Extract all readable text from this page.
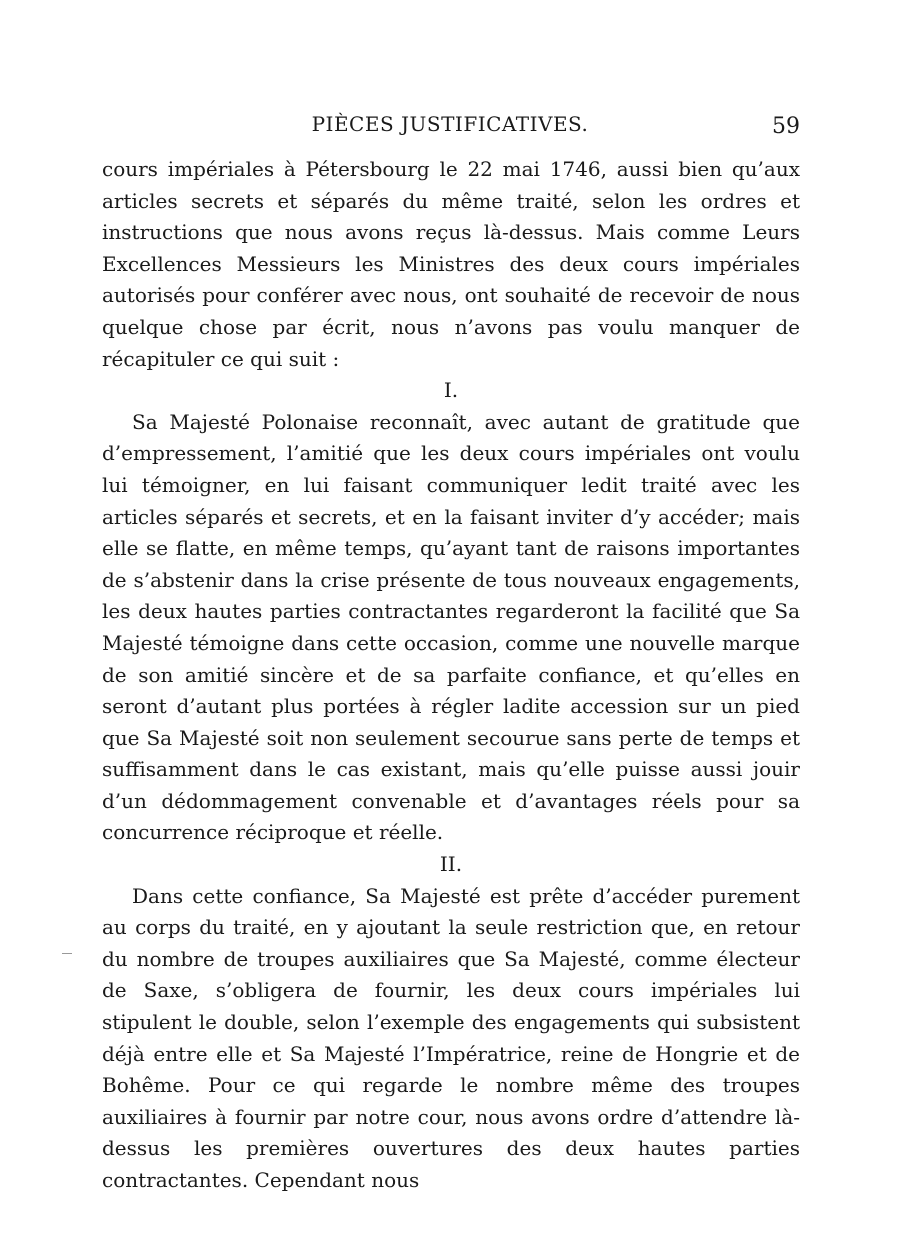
PIÈCES JUSTIFICATIVES.	59

cours impériales à Pétersbourg le 22 mai 1746, aussi bien qu’aux articles secrets et séparés du même traité, selon les ordres et instructions que nous avons reçus là-dessus. Mais comme Leurs Excellences Messieurs les Ministres des deux cours impériales autorisés pour conférer avec nous, ont souhaité de recevoir de nous quelque chose par écrit, nous n’avons pas voulu manquer de récapituler ce qui suit :

I.

Sa Majesté Polonaise reconnaît, avec autant de gratitude que d’empressement, l’amitié que les deux cours impériales ont voulu lui témoigner, en lui faisant communiquer ledit traité avec les articles séparés et secrets, et en la faisant inviter d’y accéder; mais elle se flatte, en même temps, qu’ayant tant de raisons importantes de s’abstenir dans la crise présente de tous nouveaux engagements, les deux hautes parties contractantes regarderont la facilité que Sa Majesté témoigne dans cette occasion, comme une nouvelle marque de son amitié sincère et de sa parfaite confiance, et qu’elles en seront d’autant plus portées à régler ladite accession sur un pied que Sa Majesté soit non seulement secourue sans perte de temps et suffisamment dans le cas existant, mais qu’elle puisse aussi jouir d’un dédommagement convenable et d’avantages réels pour sa concurrence réciproque et réelle.

II.

Dans cette confiance, Sa Majesté est prête d’accéder purement au corps du traité, en y ajoutant la seule restriction que, en retour du nombre de troupes auxiliaires que Sa Majesté, comme électeur de Saxe, s’obligera de fournir, les deux cours impériales lui stipulent le double, selon l’exemple des engagements qui subsistent déjà entre elle et Sa Majesté l’Impératrice, reine de Hongrie et de Bohême. Pour ce qui regarde le nombre même des troupes auxiliaires à fournir par notre cour, nous avons ordre d’attendre là-dessus les premières ouvertures des deux hautes parties contractantes. Cependant nous
